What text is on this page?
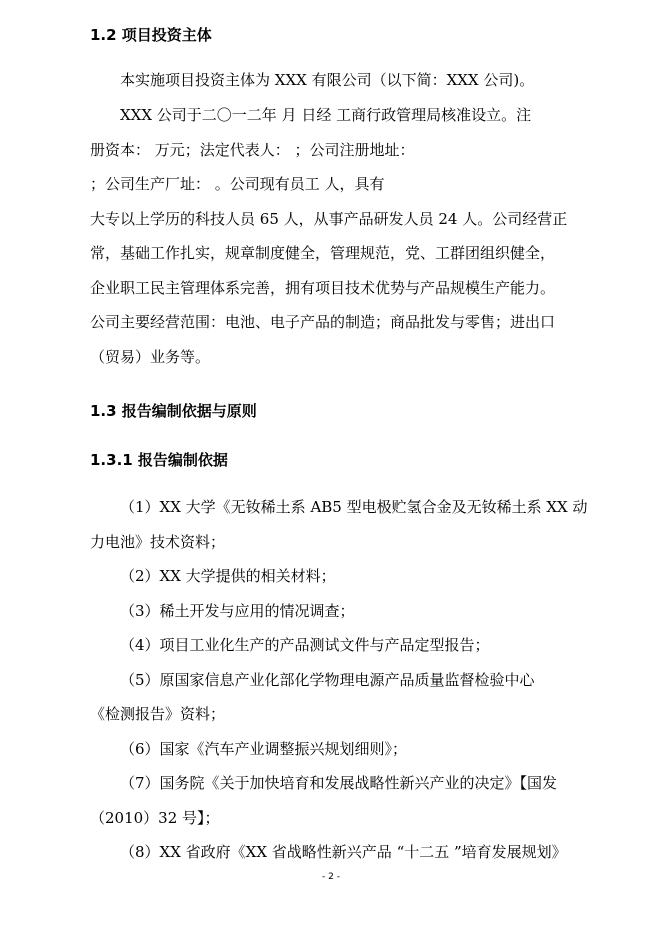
1.2 项目投资主体
本实施项目投资主体为 XXX 有限公司（以下简：XXX 公司)。
XXX 公司于二〇一二年 月 日经 工商行政管理局核准设立。注
册资本： 万元；法定代表人： ；公司注册地址：
；公司生产厂址： 。公司现有员工 人，具有
大专以上学历的科技人员 65 人，从事产品研发人员 24 人。公司经营正
常，基础工作扎实，规章制度健全，管理规范，党、工群团组织健全，
企业职工民主管理体系完善，拥有项目技术优势与产品规模生产能力。
公司主要经营范围：电池、电子产品的制造；商品批发与零售；进出口
（贸易）业务等。
1.3 报告编制依据与原则
1.3.1 报告编制依据
（1）XX 大学《无钕稀土系 AB5 型电极贮氢合金及无钕稀土系 XX 动
力电池》技术资料；
（2）XX 大学提供的相关材料；
（3）稀土开发与应用的情况调查；
（4）项目工业化生产的产品测试文件与产品定型报告；
（5）原国家信息产业化部化学物理电源产品质量监督检验中心
《检测报告》资料；
（6）国家《汽车产业调整振兴规划细则》；
（7）国务院《关于加快培育和发展战略性新兴产业的决定》【国发
（2010）32 号】；
（8）XX 省政府《XX 省战略性新兴产品 “十二五 ”培育发展规划》
- 2 -
